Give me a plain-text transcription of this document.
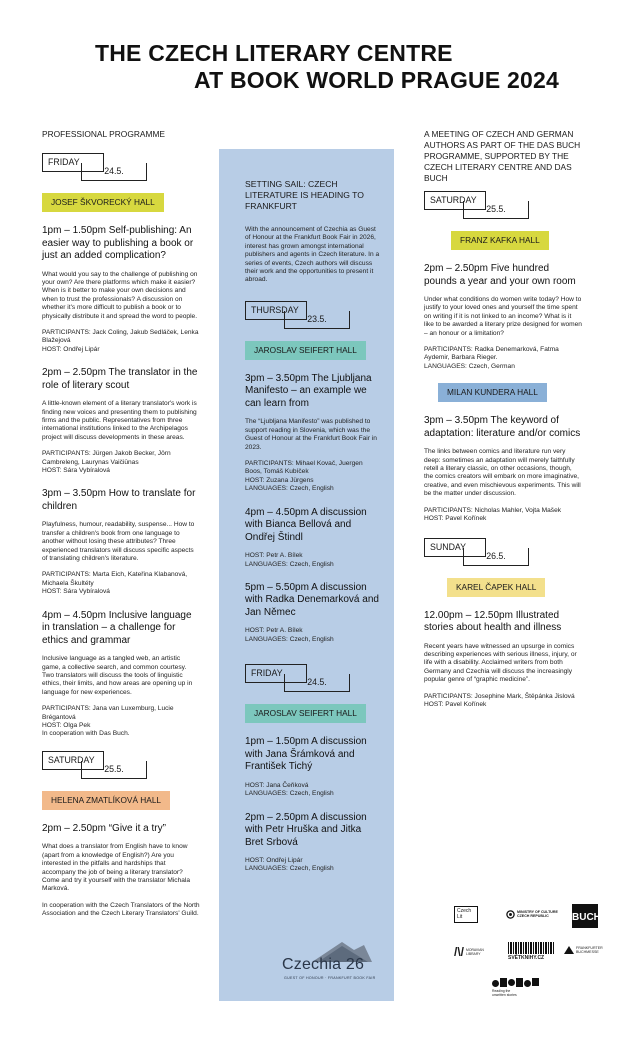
THE CZECH LITERARY CENTRE
AT BOOK WORLD PRAGUE 2024
PROFESSIONAL PROGRAMME
FRIDAY
24.5.
JOSEF ŠKVORECKÝ HALL
1pm – 1.50pm Self-publishing: An easier way to publishing a book or just an added complication?
What would you say to the challenge of publishing on your own? Are there platforms which make it easier? When is it better to make your own decisions and when to trust the professionals? A discussion on whether it's more difficult to publish a book or to physically distribute it and spread the word to people.
PARTICIPANTS: Jack Coling, Jakub Sedláček, Lenka Blažejová
HOST: Ondřej Lipár
2pm – 2.50pm The translator in the role of literary scout
A little-known element of a literary translator's work is finding new voices and presenting them to publishing firms and the public. Representatives from three international institutions linked to the Archipelagos project will discuss developments in these areas.
PARTICIPANTS: Jürgen Jakob Becker, Jörn Cambreleng, Laurynas Vaičiūnas
HOST: Sára Vybíralová
3pm – 3.50pm How to translate for children
Playfulness, humour, readability, suspense... How to transfer a children's book from one language to another without losing these attributes? Three experienced translators will discuss specific aspects of translating children's literature.
PARTICIPANTS: Marta Eich, Kateřina Klabanová, Michaela Škultéty
HOST: Sára Vybíralová
4pm – 4.50pm Inclusive language in translation – a challenge for ethics and grammar
Inclusive language as a tangled web, an artistic game, a collective search, and common courtesy. Two translators will discuss the tools of linguistic ethics, their limits, and how areas are opening up in language for new experiences.
PARTICIPANTS: Jana van Luxemburg, Lucie Brégantová
HOST: Olga Pek
In cooperation with Das Buch.
SATURDAY
25.5.
HELENA ZMATLÍKOVÁ HALL
2pm – 2.50pm “Give it a try”
What does a translator from English have to know (apart from a knowledge of English?) Are you interested in the pitfalls and hardships that accompany the job of being a literary translator? Come and try it yourself with the translator Michala Marková.
In cooperation with the Czech Translators of the North Association and the Czech Literary Translators' Guild.
SETTING SAIL: CZECH LITERATURE IS HEADING TO FRANKFURT
With the announcement of Czechia as Guest of Honour at the Frankfurt Book Fair in 2026, interest has grown amongst international publishers and agents in Czech literature. In a series of events, Czech authors will discuss their work and the opportunities to present it abroad.
THURSDAY
23.5.
JAROSLAV SEIFERT HALL
3pm – 3.50pm The Ljubljana Manifesto – an example we can learn from
The “Ljubljana Manifesto” was published to support reading in Slovenia, which was the Guest of Honour at the Frankfurt Book Fair in 2023.
PARTICIPANTS: Mihael Kovač, Juergen Boos, Tomáš Kubíček
HOST: Zuzana Jürgens
LANGUAGES: Czech, English
4pm – 4.50pm A discussion with Bianca Bellová and Ondřej Štindl
HOST: Petr A. Bílek
LANGUAGES: Czech, English
5pm – 5.50pm A discussion with Radka Denemarková and Jan Němec
HOST: Petr A. Bílek
LANGUAGES: Czech, English
FRIDAY
24.5.
JAROSLAV SEIFERT HALL
1pm – 1.50pm A discussion with Jana Šrámková and František Tichý
HOST: Jana Čeňková
LANGUAGES: Czech, English
2pm – 2.50pm A discussion with Petr Hruška and Jitka Bret Srbová
HOST: Ondřej Lipár
LANGUAGES: Czech, English
Czechia 26
GUEST OF HONOUR · FRANKFURT BOOK FAIR
A MEETING OF CZECH AND GERMAN AUTHORS AS PART OF THE DAS BUCH PROGRAMME, SUPPORTED BY THE CZECH LITERARY CENTRE AND DAS BUCH
SATURDAY
25.5.
FRANZ KAFKA HALL
2pm – 2.50pm Five hundred pounds a year and your own room
Under what conditions do women write today? How to justify to your loved ones and yourself the time spent on writing if it is not linked to an income? What is it like to be awarded a literary prize designed for women – an honour or a limitation?
PARTICIPANTS: Radka Denemarková, Fatma Aydemir, Barbara Rieger.
LANGUAGES: Czech, German
MILAN KUNDERA HALL
3pm – 3.50pm The keyword of adaptation: literature and/or comics
The links between comics and literature run very deep: sometimes an adaptation will merely faithfully retell a literary classic, on other occasions, though, the comics creators will embark on more imaginative, creative, and even mischievous experiments. This will be the matter under discussion.
PARTICIPANTS: Nicholas Mahler, Vojta Mašek
HOST: Pavel Kořínek
SUNDAY
26.5.
KAREL ČAPEK HALL
12.00pm – 12.50pm Illustrated stories about health and illness
Recent years have witnessed an upsurge in comics describing experiences with serious illness, injury, or life with a disability. Acclaimed writers from both Germany and Czechia will discuss the increasingly popular genre of “graphic medicine”.
PARTICIPANTS: Josephine Mark, Štěpánka Jislová
HOST: Pavel Kořínek
Czech Lit
MINISTRY OF CULTURE CZECH REPUBLIC	BUCH
/\/ MORAVIAN LIBRARY
SVĚTKNIHY.CZ
FRANKFURTER BUCHMESSE
Reading the unwritten stories
